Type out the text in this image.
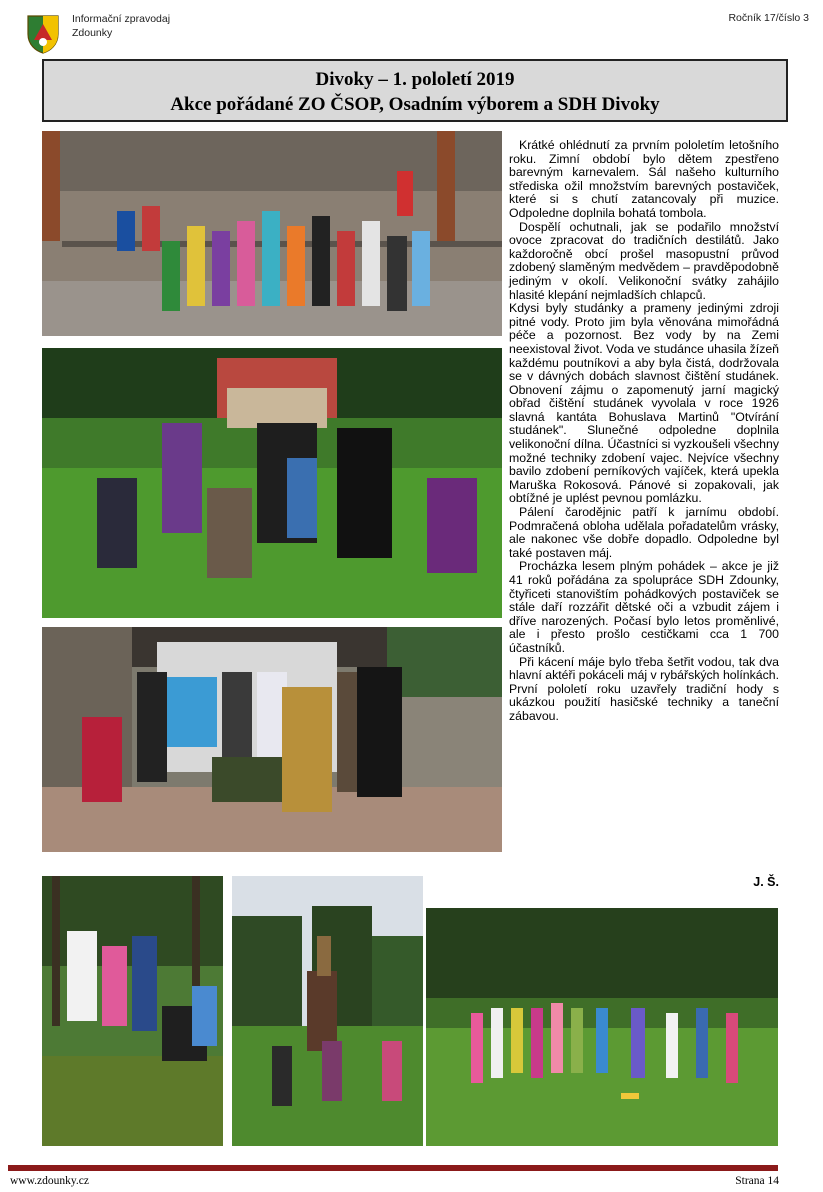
Informační zpravodaj
Zdounky
Ročník 17/číslo 3
Divoky – 1. pololetí 2019
Akce pořádané ZO ČSOP, Osadním výborem a SDH Divoky

Krátké ohlédnutí za prvním pololetím letošního roku. Zimní období bylo dětem zpestřeno barevným karnevalem. Sál našeho kulturního střediska ožil množstvím barevných postaviček, které si s chutí zatancovaly při muzice. Odpoledne doplnila bohatá tombola.

Dospělí ochutnali, jak se podařilo množství ovoce zpracovat do tradičních destilátů. Jako každoročně obcí prošel masopustní průvod zdobený slaměným medvědem – pravděpodobně jediným v okolí. Velikonoční svátky zahájilo hlasité klepání nejmladších chlapců.

Kdysi byly studánky a prameny jedinými zdroji pitné vody. Proto jim byla věnována mimořádná péče a pozornost. Bez vody by na Zemi neexistoval život. Voda ve studánce uhasila žízeň každému poutníkovi a aby byla čistá, dodržovala se v dávných dobách slavnost čištění studánek. Obnovení zájmu o zapomenutý jarní magický obřad čištění studánek vyvolala v roce 1926 slavná kantáta Bohuslava Martinů "Otvírání studánek". Slunečné odpoledne doplnila velikonoční dílna. Účastníci si vyzkoušeli všechny možné techniky zdobení vajec. Nejvíce všechny bavilo zdobení perníkových vajíček, která upekla Maruška Rokosová. Pánové si zopakovali, jak obtížné je uplést pevnou pomlázku.

Pálení čarodějnic patří k jarnímu období. Podmračená obloha udělala pořadatelům vrásky, ale nakonec vše dobře dopadlo. Odpoledne byl také postaven máj.

Procházka lesem plným pohádek – akce je již 41 roků pořádána za spolupráce SDH Zdounky, čtyřiceti stanovištím pohádkových postaviček se stále daří rozzářit dětské oči a vzbudit zájem i dříve narozených. Počasí bylo letos proměnlivé, ale i přesto prošlo cestičkami cca 1 700 účastníků.

Při kácení máje bylo třeba šetřit vodou, tak dva hlavní aktéři pokáceli máj v rybářských holínkách. První pololetí roku uzavřely tradiční hody s ukázkou použití hasičské techniky a taneční zábavou.

J. Š.
www.zdounky.cz	Strana 14
